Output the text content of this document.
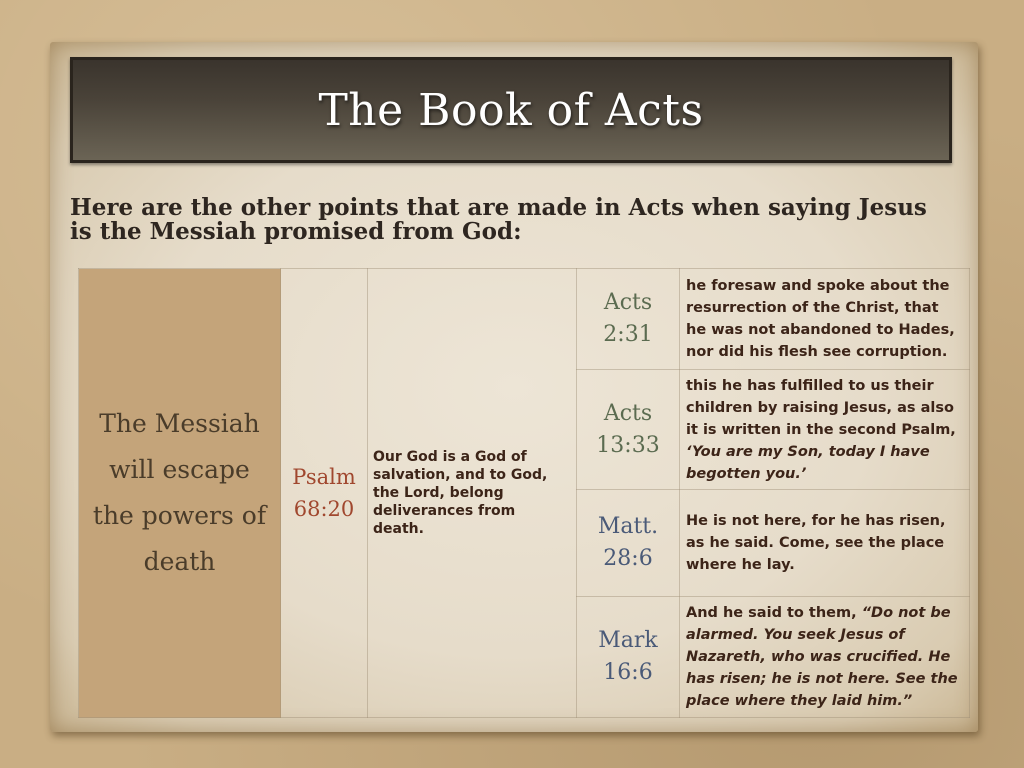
The Book of Acts

Here are the other points that are made in Acts when saying Jesus is the Messiah promised from God:

The Messiah will escape the powers of death	Psalm 68:20	Our God is a God of salvation, and to God, the Lord, belong deliverances from death.	Acts 2:31	he foresaw and spoke about the resurrection of the Christ, that he was not abandoned to Hades, nor did his flesh see corruption.

			Acts 13:33	this he has fulfilled to us their children by raising Jesus, as also it is written in the second Psalm, ‘You are my Son, today I have begotten you.’

			Matt. 28:6	He is not here, for he has risen, as he said. Come, see the place where he lay.

			Mark 16:6	And he said to them, “Do not be alarmed. You seek Jesus of Nazareth, who was crucified. He has risen; he is not here. See the place where they laid him.”
